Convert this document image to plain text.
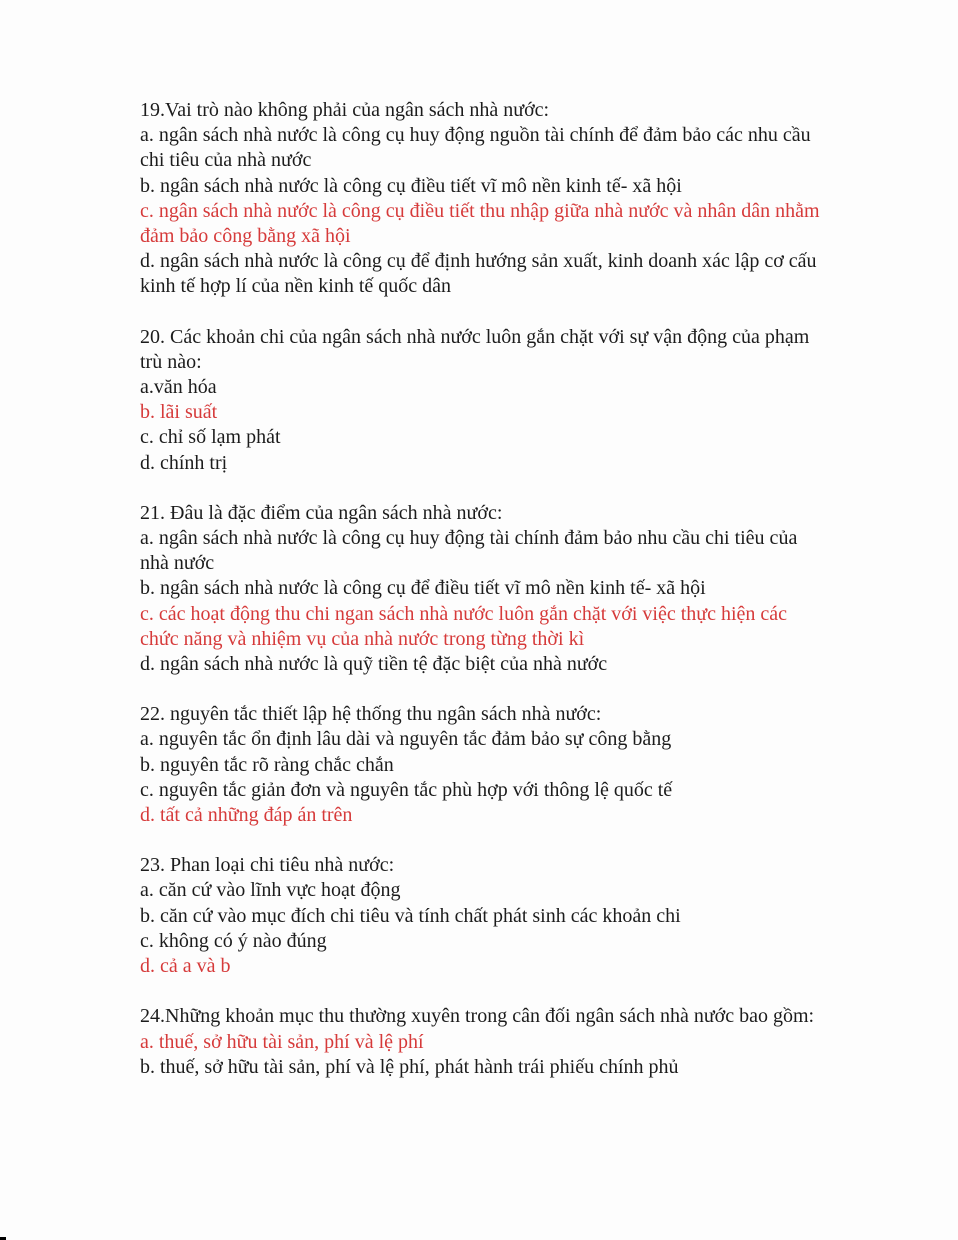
19.Vai trò nào không phải của ngân sách nhà nước:

a. ngân sách nhà nước là công cụ huy động nguồn tài chính để đảm bảo các nhu cầu chi tiêu của nhà nước

b. ngân sách nhà nước là công cụ điều tiết vĩ mô nền kinh tế- xã hội

c. ngân sách nhà nước là công cụ điều tiết thu nhập giữa nhà nước và nhân dân nhằm đảm bảo công bằng xã hội

d. ngân sách nhà nước là công cụ để định hướng sản xuất, kinh doanh xác lập cơ cấu kinh tế hợp lí của nền kinh tế quốc dân

20. Các khoản chi của ngân sách nhà nước luôn gắn chặt với sự vận động của phạm trù nào:

a.văn hóa

b. lãi suất

c. chỉ số lạm phát

d. chính trị

21. Đâu là đặc điểm của ngân sách nhà nước:

a. ngân sách nhà nước là công cụ huy động tài chính đảm bảo nhu cầu chi tiêu của nhà nước

b. ngân sách nhà nước là công cụ để điều tiết vĩ mô nền kinh tế- xã hội

c. các hoạt động thu chi ngan sách nhà nước luôn gắn chặt với việc thực hiện các chức năng và nhiệm vụ của nhà nước trong từng thời kì

d. ngân sách nhà nước là quỹ tiền tệ đặc biệt của nhà nước

22. nguyên tắc thiết lập hệ thống thu ngân sách nhà nước:

a. nguyên tắc ổn định lâu dài và nguyên tắc đảm bảo sự công bằng

b. nguyên tắc rõ ràng chắc chắn

c. nguyên tắc giản đơn và nguyên tắc phù hợp với thông lệ quốc tế

d. tất cả những đáp án trên

23. Phan loại chi tiêu nhà nước:

a. căn cứ vào lĩnh vực hoạt động

b. căn cứ vào mục đích chi tiêu và tính chất phát sinh các khoản chi

c. không có ý nào đúng

d. cả a và b

24.Những khoản mục thu thường xuyên trong cân đối ngân sách nhà nước bao gồm:

a. thuế, sở hữu tài sản, phí và lệ phí

b. thuế, sở hữu tài sản, phí và lệ phí, phát hành trái phiếu chính phủ
